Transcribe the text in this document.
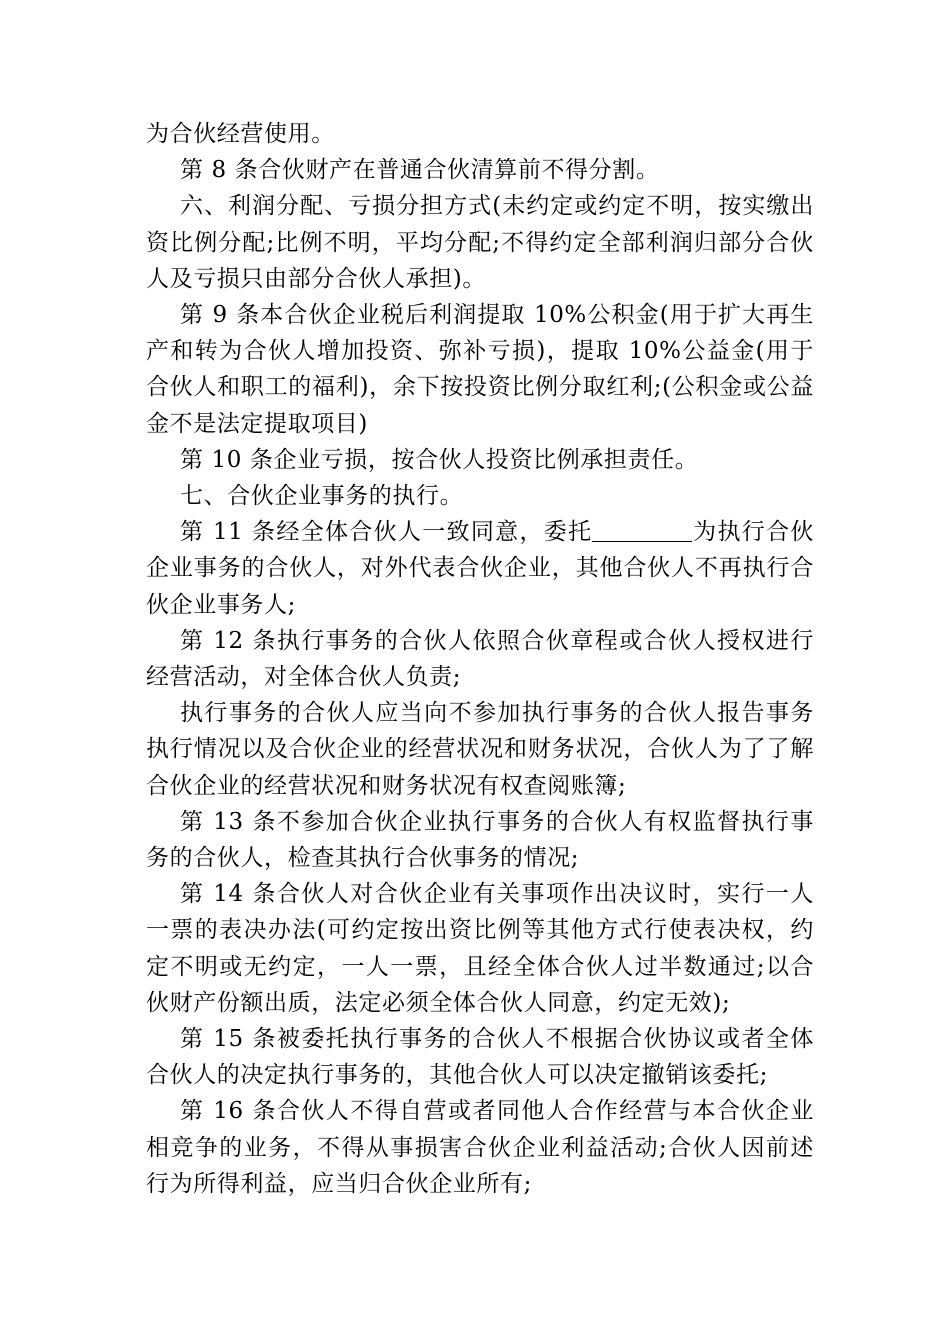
为合伙经营使用。

第 8 条合伙财产在普通合伙清算前不得分割。

六、利润分配、亏损分担方式(未约定或约定不明，按实缴出资比例分配;比例不明，平均分配;不得约定全部利润归部分合伙人及亏损只由部分合伙人承担)。

第 9 条本合伙企业税后利润提取 10%公积金(用于扩大再生产和转为合伙人增加投资、弥补亏损)，提取 10%公益金(用于合伙人和职工的福利)，余下按投资比例分取红利;(公积金或公益金不是法定提取项目)

第 10 条企业亏损，按合伙人投资比例承担责任。

七、合伙企业事务的执行。

第 11 条经全体合伙人一致同意，委托	为执行合伙企业事务的合伙人，对外代表合伙企业，其他合伙人不再执行合伙企业事务人;

第 12 条执行事务的合伙人依照合伙章程或合伙人授权进行经营活动，对全体合伙人负责;

执行事务的合伙人应当向不参加执行事务的合伙人报告事务执行情况以及合伙企业的经营状况和财务状况，合伙人为了了解合伙企业的经营状况和财务状况有权查阅账簿;

第 13 条不参加合伙企业执行事务的合伙人有权监督执行事务的合伙人，检查其执行合伙事务的情况;

第 14 条合伙人对合伙企业有关事项作出决议时，实行一人一票的表决办法(可约定按出资比例等其他方式行使表决权，约定不明或无约定，一人一票，且经全体合伙人过半数通过;以合伙财产份额出质，法定必须全体合伙人同意，约定无效);

第 15 条被委托执行事务的合伙人不根据合伙协议或者全体合伙人的决定执行事务的，其他合伙人可以决定撤销该委托;

第 16 条合伙人不得自营或者同他人合作经营与本合伙企业相竞争的业务，不得从事损害合伙企业利益活动;合伙人因前述行为所得利益，应当归合伙企业所有;
